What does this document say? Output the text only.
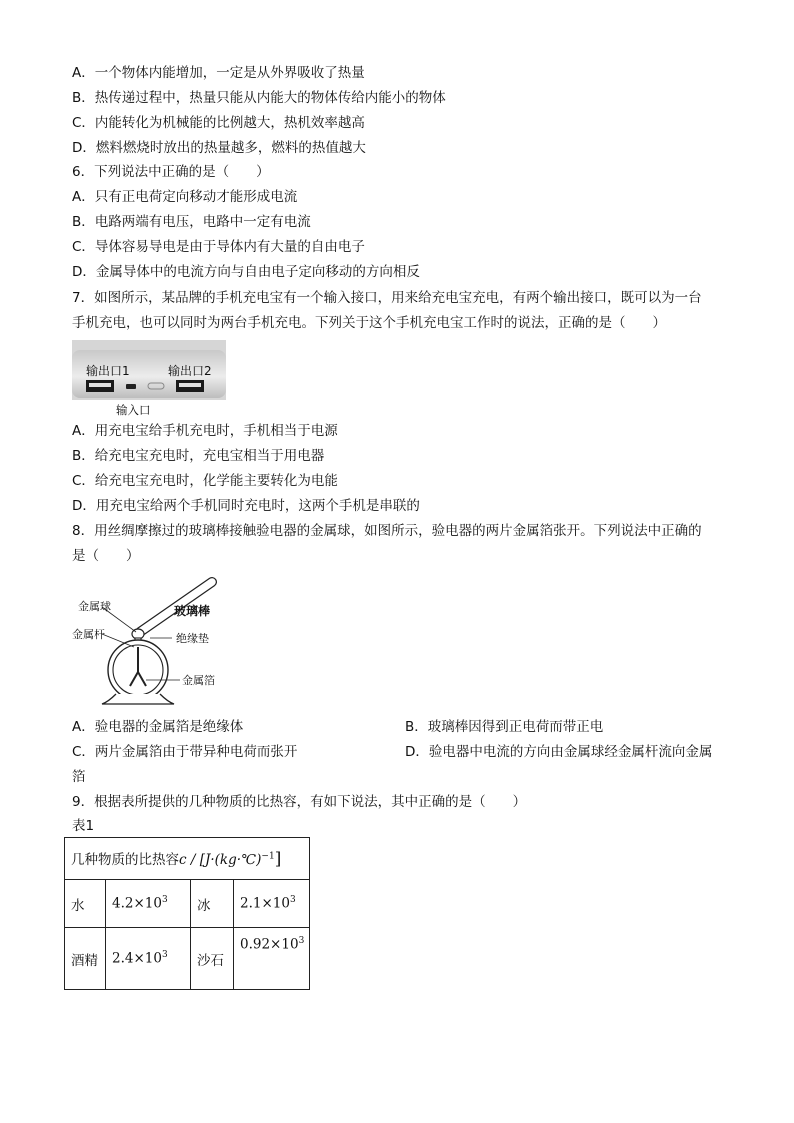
A．一个物体内能增加，一定是从外界吸收了热量
B．热传递过程中，热量只能从内能大的物体传给内能小的物体
C．内能转化为机械能的比例越大，热机效率越高
D．燃料燃烧时放出的热量越多，燃料的热值越大
6．下列说法中正确的是（　　）
A．只有正电荷定向移动才能形成电流
B．电路两端有电压，电路中一定有电流
C．导体容易导电是由于导体内有大量的自由电子
D．金属导体中的电流方向与自由电子定向移动的方向相反
7．如图所示，某品牌的手机充电宝有一个输入接口，用来给充电宝充电，有两个输出接口，既可以为一台
手机充电，也可以同时为两台手机充电。下列关于这个手机充电宝工作时的说法，正确的是（　　）
输出口1	输出口2
输入口
A．用充电宝给手机充电时，手机相当于电源
B．给充电宝充电时，充电宝相当于用电器
C．给充电宝充电时，化学能主要转化为电能
D．用充电宝给两个手机同时充电时，这两个手机是串联的
8．用丝绸摩擦过的玻璃棒接触验电器的金属球，如图所示，验电器的两片金属箔张开。下列说法中正确的
是（　　）
金属球
金属杆
玻璃棒
绝缘垫
金属箔
A．验电器的金属箔是绝缘体	B．玻璃棒因得到正电荷而带正电
C．两片金属箔由于带异种电荷而张开	D．验电器中电流的方向由金属球经金属杆流向金属
箔
9．根据表所提供的几种物质的比热容，有如下说法，其中正确的是（　　）
表1
几种物质的比热容c / [J·(kg·℃)$^{-1}$]			
水	$4.2\times 10^3$	冰	$2.1\times 10^3$
酒精	$2.4\times 10^3$	沙石	$0.92\times 10^3$
